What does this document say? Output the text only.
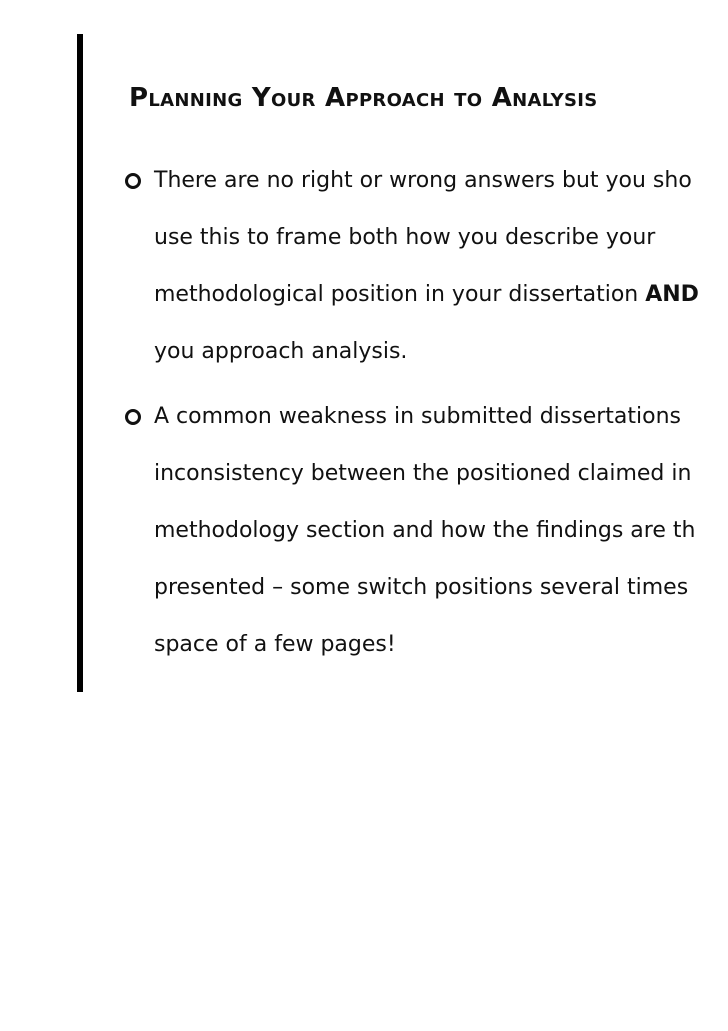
Planning Your Approach to Analysis
There are no right or wrong answers but you sho
use this to frame both how you describe your
methodological position in your dissertation AND
you approach analysis.
A common weakness in submitted dissertations
inconsistency between the positioned claimed in
methodology section and how the findings are th
presented – some switch positions several times
space of a few pages!
